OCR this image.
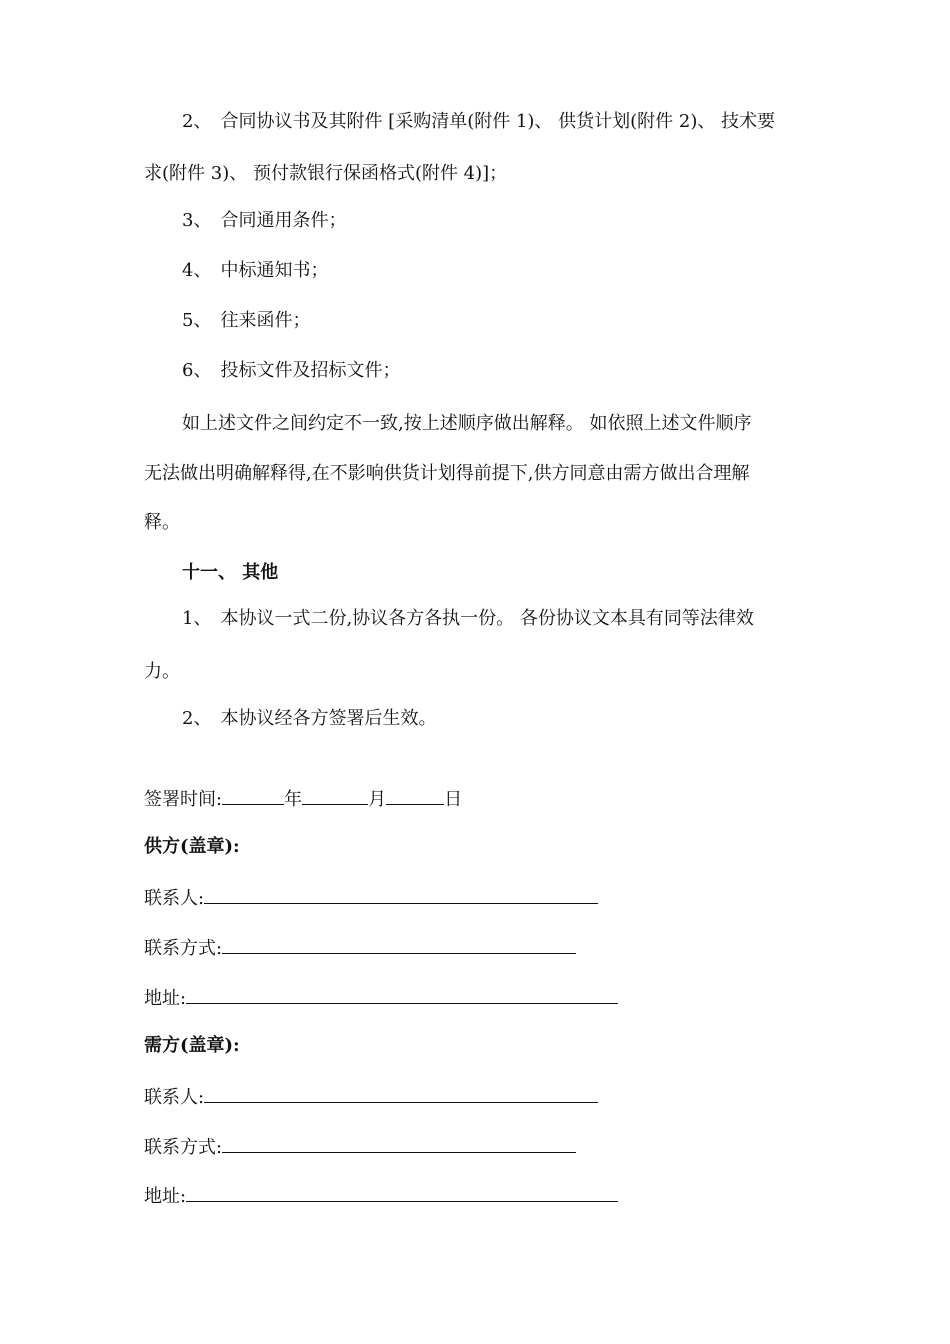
2、　合同协议书及其附件 [采购清单(附件 1)、 供货计划(附件 2)、 技术要
求(附件 3)、 预付款银行保函格式(附件 4)]；
3、　合同通用条件；
4、　中标通知书；
5、　往来函件；
6、　投标文件及招标文件；
如上述文件之间约定不一致,按上述顺序做出解释。 如依照上述文件顺序
无法做出明确解释得,在不影响供货计划得前提下,供方同意由需方做出合理解
释。
十一、 其他
1、　本协议一式二份,协议各方各执一份。 各份协议文本具有同等法律效
力。
2、　本协议经各方签署后生效。
签署时间:	年	月	日
供方(盖章):
联系人:
联系方式:
地址:
需方(盖章):
联系人:
联系方式:
地址:
